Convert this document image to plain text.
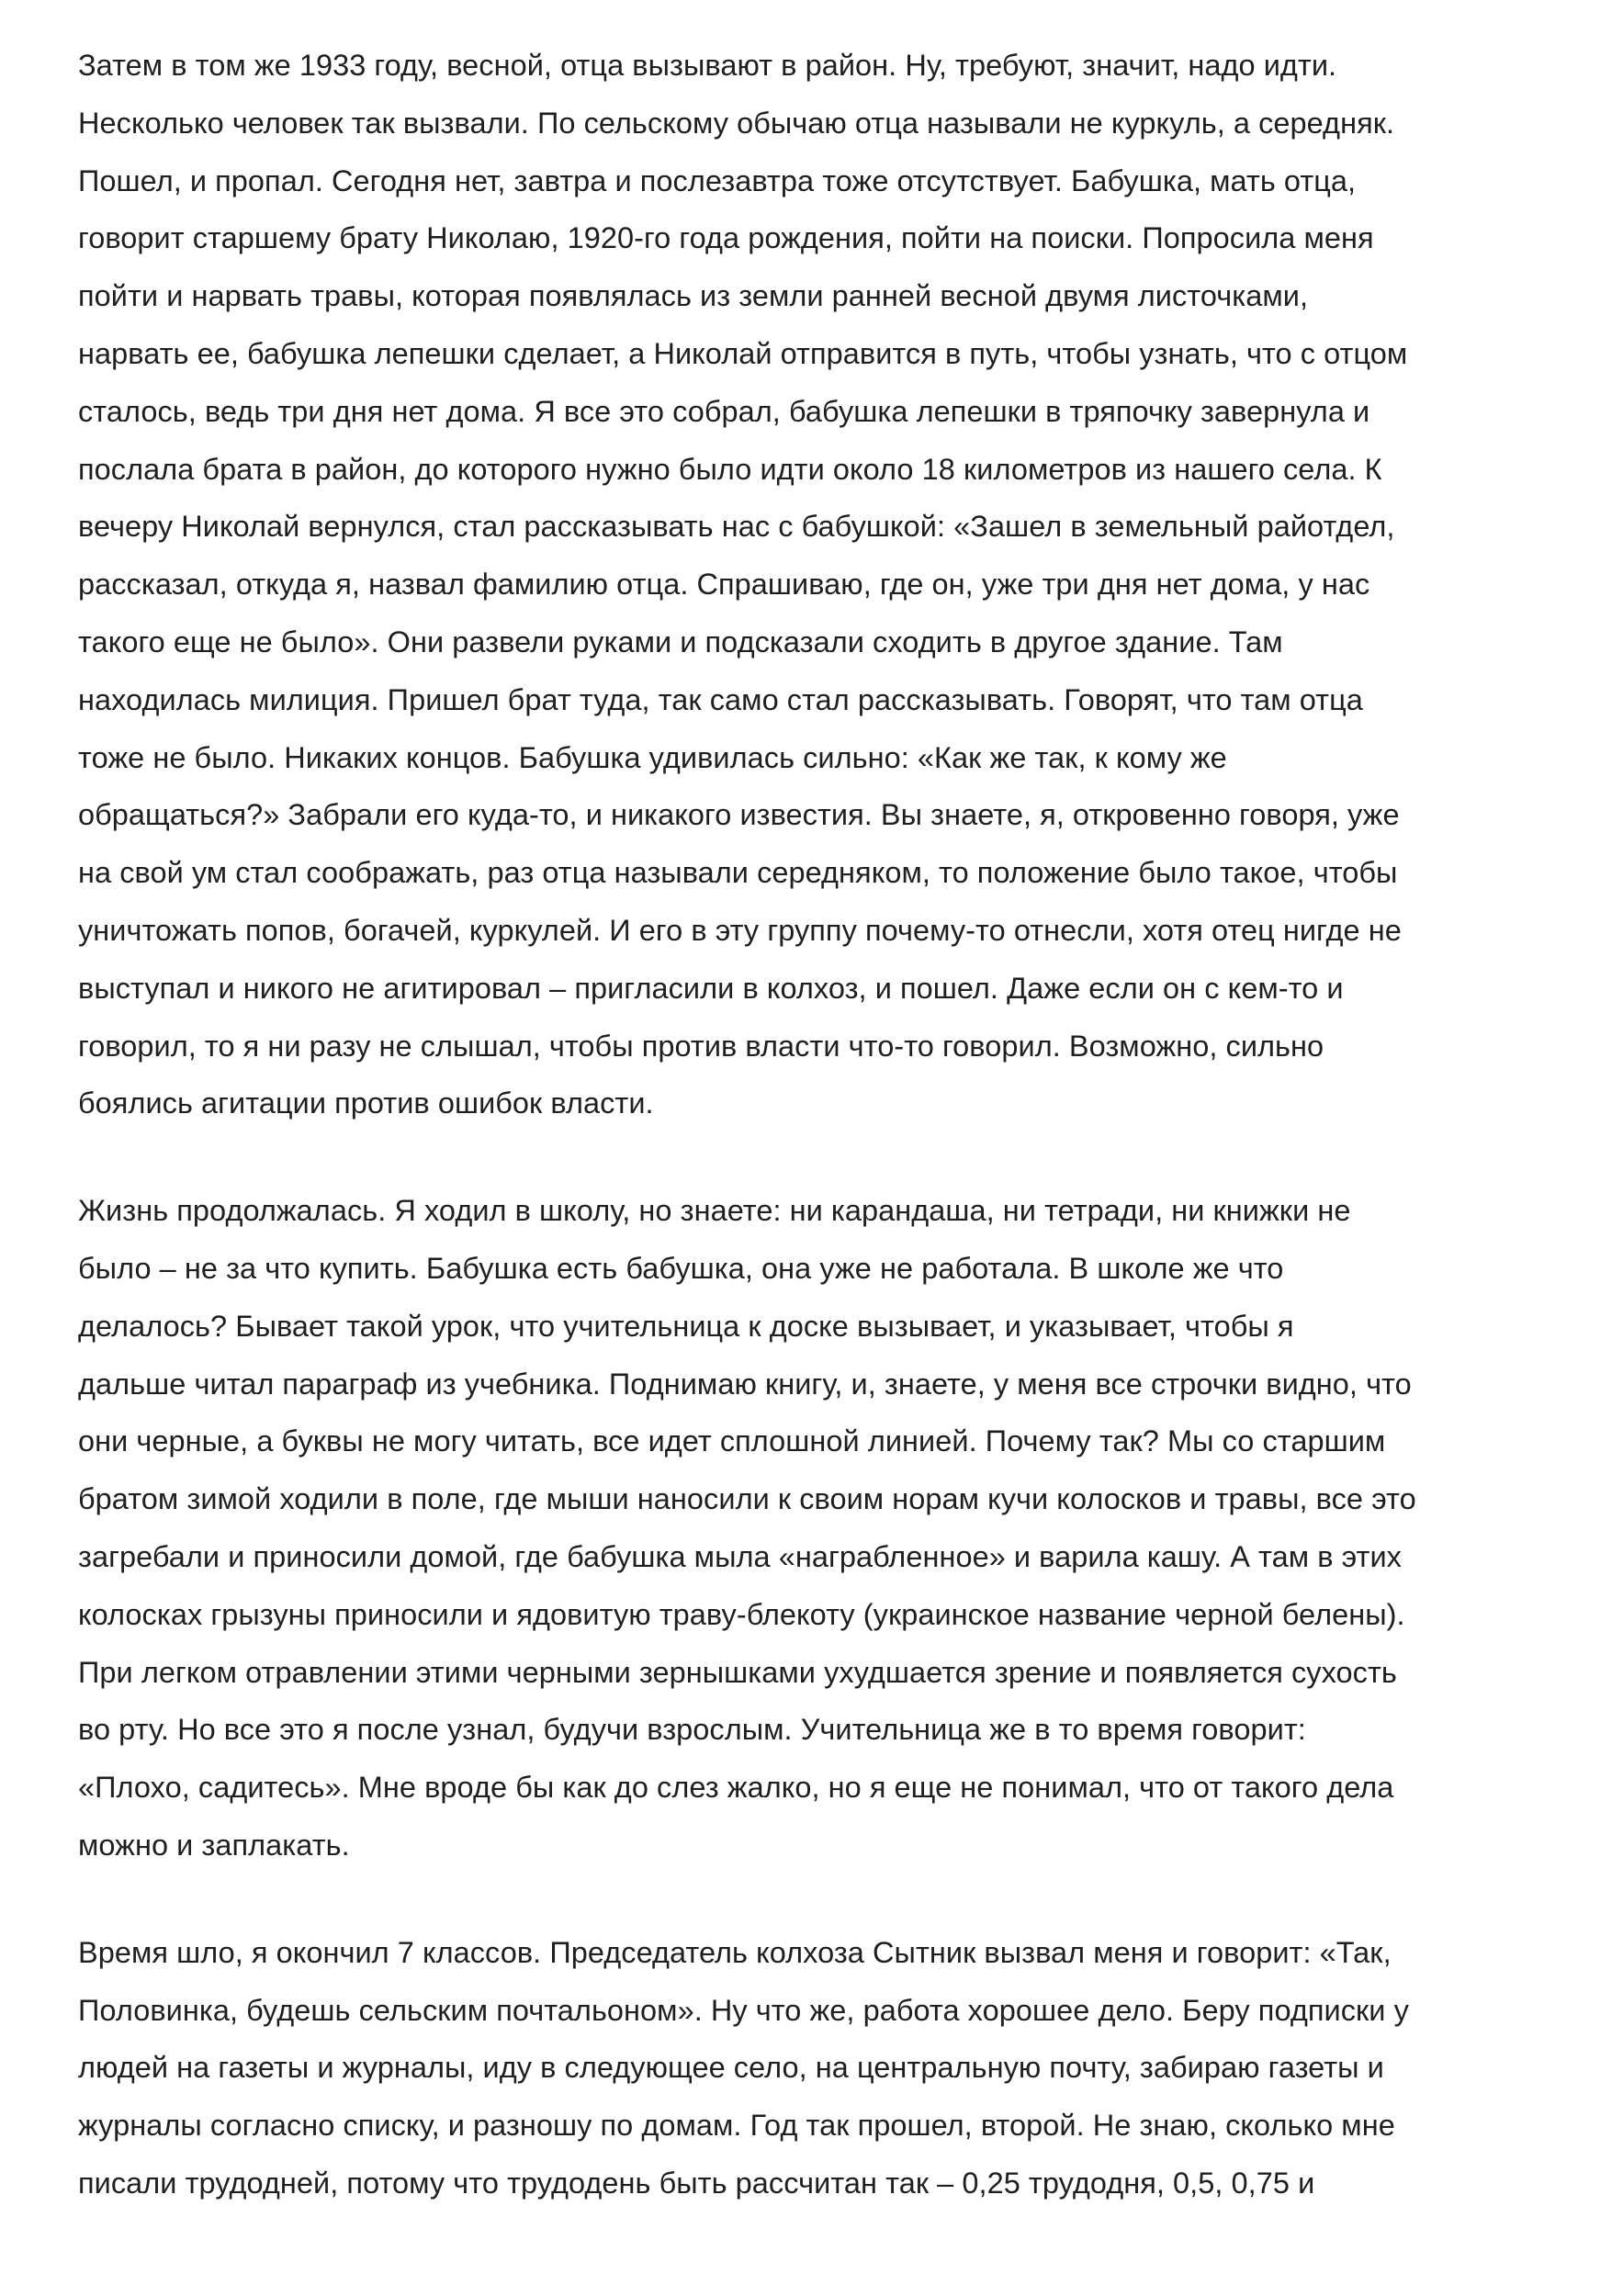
Затем в том же 1933 году, весной, отца вызывают в район. Ну, требуют, значит, надо идти.
Несколько человек так вызвали. По сельскому обычаю отца называли не куркуль, а середняк.
Пошел, и пропал. Сегодня нет, завтра и послезавтра тоже отсутствует. Бабушка, мать отца,
говорит старшему брату Николаю, 1920-го года рождения, пойти на поиски. Попросила меня
пойти и нарвать травы, которая появлялась из земли ранней весной двумя листочками,
нарвать ее, бабушка лепешки сделает, а Николай отправится в путь, чтобы узнать, что с отцом
сталось, ведь три дня нет дома. Я все это собрал, бабушка лепешки в тряпочку завернула и
послала брата в район, до которого нужно было идти около 18 километров из нашего села. К
вечеру Николай вернулся, стал рассказывать нас с бабушкой: «Зашел в земельный райотдел,
рассказал, откуда я, назвал фамилию отца. Спрашиваю, где он, уже три дня нет дома, у нас
такого еще не было». Они развели руками и подсказали сходить в другое здание. Там
находилась милиция. Пришел брат туда, так само стал рассказывать. Говорят, что там отца
тоже не было. Никаких концов. Бабушка удивилась сильно: «Как же так, к кому же
обращаться?» Забрали его куда-то, и никакого известия. Вы знаете, я, откровенно говоря, уже
на свой ум стал соображать, раз отца называли середняком, то положение было такое, чтобы
уничтожать попов, богачей, куркулей. И его в эту группу почему-то отнесли, хотя отец нигде не
выступал и никого не агитировал – пригласили в колхоз, и пошел. Даже если он с кем-то и
говорил, то я ни разу не слышал, чтобы против власти что-то говорил. Возможно, сильно
боялись агитации против ошибок власти.

Жизнь продолжалась. Я ходил в школу, но знаете: ни карандаша, ни тетради, ни книжки не
было – не за что купить. Бабушка есть бабушка, она уже не работала. В школе же что
делалось? Бывает такой урок, что учительница к доске вызывает, и указывает, чтобы я
дальше читал параграф из учебника. Поднимаю книгу, и, знаете, у меня все строчки видно, что
они черные, а буквы не могу читать, все идет сплошной линией. Почему так? Мы со старшим
братом зимой ходили в поле, где мыши наносили к своим норам кучи колосков и травы, все это
загребали и приносили домой, где бабушка мыла «награбленное» и варила кашу. А там в этих
колосках грызуны приносили и ядовитую траву-блекоту (украинское название черной белены).
При легком отравлении этими черными зернышками ухудшается зрение и появляется сухость
во рту. Но все это я после узнал, будучи взрослым. Учительница же в то время говорит:
«Плохо, садитесь». Мне вроде бы как до слез жалко, но я еще не понимал, что от такого дела
можно и заплакать.

Время шло, я окончил 7 классов. Председатель колхоза Сытник вызвал меня и говорит: «Так,
Половинка, будешь сельским почтальоном». Ну что же, работа хорошее дело. Беру подписки у
людей на газеты и журналы, иду в следующее село, на центральную почту, забираю газеты и
журналы согласно списку, и разношу по домам. Год так прошел, второй. Не знаю, сколько мне
писали трудодней, потому что трудодень быть рассчитан так – 0,25 трудодня, 0,5, 0,75 и
